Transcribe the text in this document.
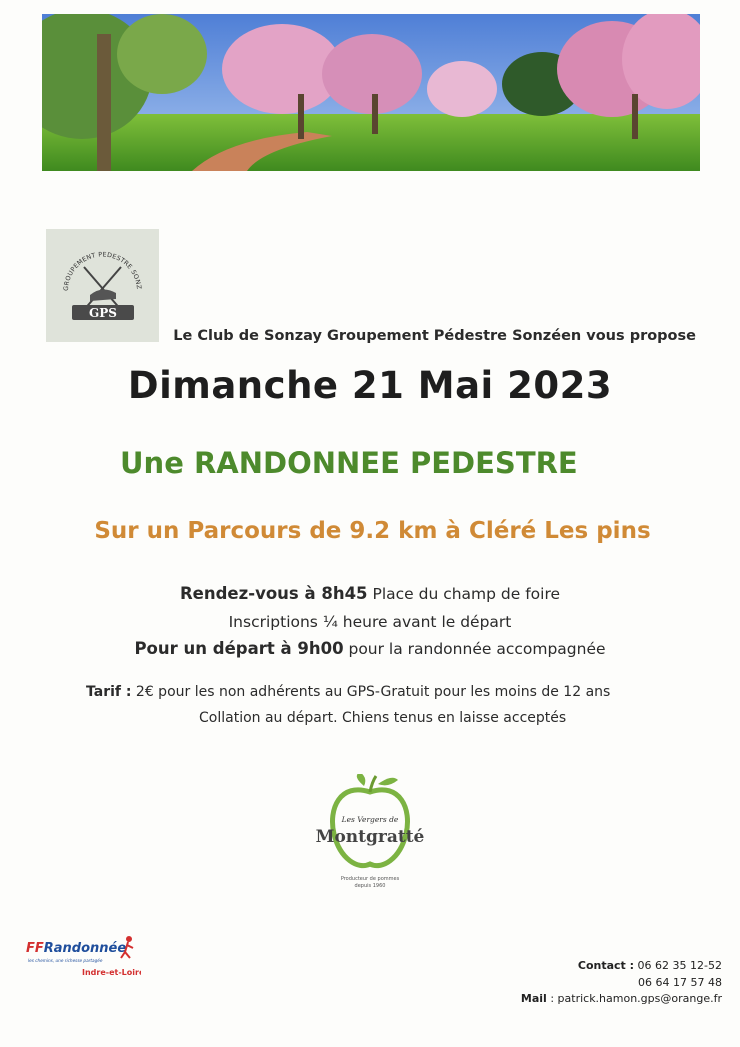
GROUPEMENT PEDESTRE SONZ
GPS
Le Club de Sonzay Groupement Pédestre Sonzéen vous propose
Dimanche 21 Mai 2023
Une RANDONNEE PEDESTRE
Sur un Parcours de 9.2 km à Cléré Les pins
Rendez-vous à 8h45 Place du champ de foire
Inscriptions ¼ heure avant le départ
Pour un départ à 9h00 pour la randonnée accompagnée
Tarif : 2€ pour les non adhérents au GPS-Gratuit pour les moins de 12 ans
Collation au départ. Chiens tenus en laisse acceptés
Les Vergers de
Montgratté
Producteur de pommes
depuis 1960
FFRandonnée
les chemins, une richesse partagée
Indre-et-Loire
Contact : 06 62 35 12-52
06 64 17 57 48
Mail : patrick.hamon.gps@orange.fr
